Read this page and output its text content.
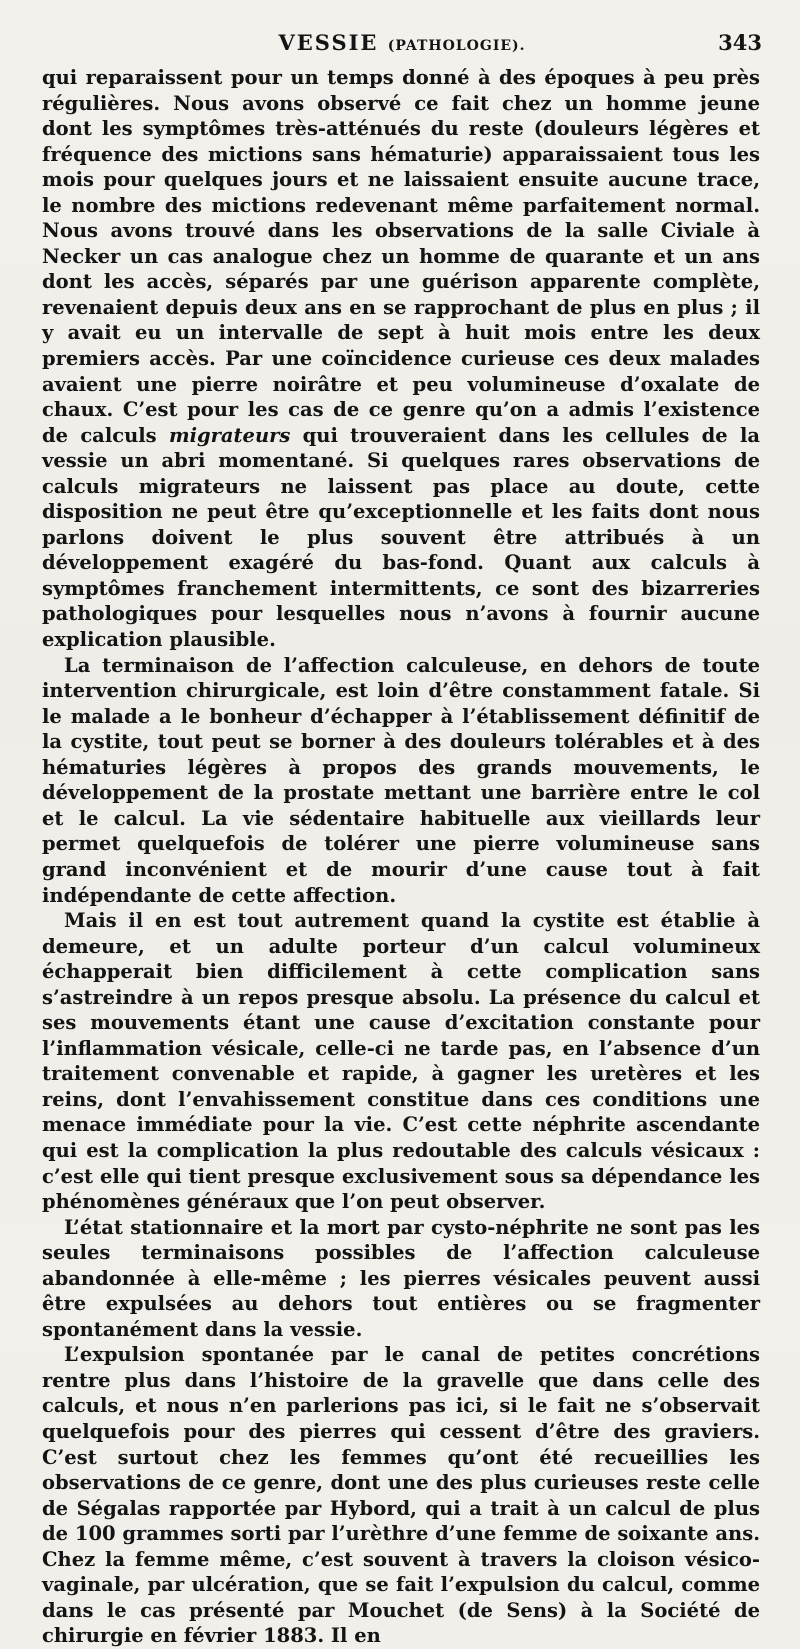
VESSIE (PATHOLOGIE).	343

qui reparaissent pour un temps donné à des époques à peu près régulières. Nous avons observé ce fait chez un homme jeune dont les symptômes très-atténués du reste (douleurs légères et fréquence des mictions sans hématurie) apparaissaient tous les mois pour quelques jours et ne laissaient ensuite aucune trace, le nombre des mictions redevenant même parfaitement normal. Nous avons trouvé dans les observations de la salle Civiale à Necker un cas analogue chez un homme de quarante et un ans dont les accès, séparés par une guérison apparente complète, revenaient depuis deux ans en se rapprochant de plus en plus ; il y avait eu un intervalle de sept à huit mois entre les deux premiers accès. Par une coïncidence curieuse ces deux malades avaient une pierre noirâtre et peu volumineuse d’oxalate de chaux. C’est pour les cas de ce genre qu’on a admis l’existence de calculs migrateurs qui trouveraient dans les cellules de la vessie un abri momentané. Si quelques rares observations de calculs migrateurs ne laissent pas place au doute, cette disposition ne peut être qu’exceptionnelle et les faits dont nous parlons doivent le plus souvent être attribués à un développement exagéré du bas-fond. Quant aux calculs à symptômes franchement intermittents, ce sont des bizarreries pathologiques pour lesquelles nous n’avons à fournir aucune explication plausible.

La terminaison de l’affection calculeuse, en dehors de toute intervention chirurgicale, est loin d’être constamment fatale. Si le malade a le bonheur d’échapper à l’établissement définitif de la cystite, tout peut se borner à des douleurs tolérables et à des hématuries légères à propos des grands mouvements, le développement de la prostate mettant une barrière entre le col et le calcul. La vie sédentaire habituelle aux vieillards leur permet quelquefois de tolérer une pierre volumineuse sans grand inconvénient et de mourir d’une cause tout à fait indépendante de cette affection.

Mais il en est tout autrement quand la cystite est établie à demeure, et un adulte porteur d’un calcul volumineux échapperait bien difficilement à cette complication sans s’astreindre à un repos presque absolu. La présence du calcul et ses mouvements étant une cause d’excitation constante pour l’inflammation vésicale, celle-ci ne tarde pas, en l’absence d’un traitement convenable et rapide, à gagner les uretères et les reins, dont l’envahissement constitue dans ces conditions une menace immédiate pour la vie. C’est cette néphrite ascendante qui est la complication la plus redoutable des calculs vésicaux : c’est elle qui tient presque exclusivement sous sa dépendance les phénomènes généraux que l’on peut observer.

L’état stationnaire et la mort par cysto-néphrite ne sont pas les seules terminaisons possibles de l’affection calculeuse abandonnée à elle-même ; les pierres vésicales peuvent aussi être expulsées au dehors tout entières ou se fragmenter spontanément dans la vessie.

L’expulsion spontanée par le canal de petites concrétions rentre plus dans l’histoire de la gravelle que dans celle des calculs, et nous n’en parlerions pas ici, si le fait ne s’observait quelquefois pour des pierres qui cessent d’être des graviers. C’est surtout chez les femmes qu’ont été recueillies les observations de ce genre, dont une des plus curieuses reste celle de Ségalas rapportée par Hybord, qui a trait à un calcul de plus de 100 grammes sorti par l’urèthre d’une femme de soixante ans. Chez la femme même, c’est souvent à travers la cloison vésico-vaginale, par ulcération, que se fait l’expulsion du calcul, comme dans le cas présenté par Mouchet (de Sens) à la Société de chirurgie en février 1883. Il en
